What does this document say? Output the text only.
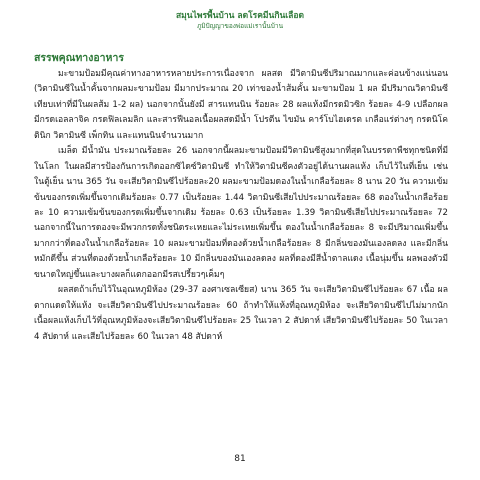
สมุนไพรพื้นบ้าน ลดโรคมีนกินเลือด
ภูมิปัญญาของพ่อแม่เรานั้นบ้าน
สรรพคุณทางอาหาร

มะขามป้อมมีคุณค่าทางอาหารหลายประการเนื่องจาก ผลสด มีวิตามินซีปริมาณมากและค่อนข้างแน่นอน (วิตามินซีในน้ำคั้นจากผลมะขามป้อม มีมากประมาณ 20 เท่าของน้ำส้มคั้น มะขามป้อม 1 ผล มีปริมาณวิตามินซีเทียบเท่าที่มีในผลส้ม 1-2 ผล) นอกจากนั้นยังมี สารแทนนิน ร้อยละ 28 ผลแห้งมีกรดมิวซิก ร้อยละ 4-9 เปลือกผลมีกรดเอลลาจิค กรดฟิลเลมลิก และสารฟีนอลเนื้อผลสดมีน้ำ โปรตีน ไขมัน คาร์โบไฮเดรต เกลือแร่ต่างๆ กรดนิโคตินิก วิตามินซี เพ็กทิน และแทนนินจำนวนมาก

เมล็ด มีน้ำมัน ประมาณร้อยละ 26 นอกจากนี้ผลมะขามป้อมมีวิตามินซีสูงมากที่สุดในบรรดาพืชทุกชนิดที่มีในโลก ในผลมีสารป้องกันการเกิดออกซิไดซ์วิตามินซี ทำให้วิตามินซีคงตัวอยู่ได้นานผลแห้ง เก็บไว้ในที่เย็น เช่น ในตู้เย็น นาน 365 วัน จะเสียวิตามินซีไปร้อยละ20 ผลมะขามป้อมดองในน้ำเกลือร้อยละ 8 นาน 20 วัน ความเข้มข้นของกรดเพิ่มขึ้นจากเดิมร้อยละ 0.77 เป็นร้อยละ 1.44 วิตามินซีเสียไปประมาณร้อยละ 68 ดองในน้ำเกลือร้อยละ 10 ความเข้มข้นของกรดเพิ่มขึ้นจากเดิม ร้อยละ 0.63 เป็นร้อยละ 1.39 วิตามินซีเสียไปประมาณร้อยละ 72 นอกจากนี้ในการดองจะมีพวกกรดทั้งชนิดระเหยและไม่ระเหยเพิ่มขึ้น ดองในน้ำเกลือร้อยละ 8 จะมีปริมาณเพิ่มขึ้นมากกว่าที่ดองในน้ำเกลือร้อยละ 10 ผลมะขามป้อมที่ดองด้วยน้ำเกลือร้อยละ 8 มีกลิ่นของมันเองลดลง และมีกลิ่นหมักดีขึ้น ส่วนที่ดองด้วยน้ำเกลือร้อยละ 10 มีกลิ่นของมันเองลดลง ผลที่ดองมีสีน้ำตาลแดง เนื้อนุ่มขึ้น ผลพองตัวมีขนาดใหญ่ขึ้นและบางผลก็แตกออกมีรสเปรี้ยวๆเค็มๆ

ผลสดถ้าเก็บไว้ในอุณหภูมิห้อง (29-37 องศาเซลเซียส) นาน 365 วัน จะเสียวิตามินซีไปร้อยละ 67 เนื้อ ผลตากแดดให้แห้ง จะเสียวิตามินซีไปประมาณร้อยละ 60 ถ้าทำให้แห้งที่อุณหภูมิห้อง จะเสียวิตามินซีไปไม่มากนัก เนื้อผลแห้งเก็บไว้ที่อุณหภูมิห้องจะเสียวิตามินซีไปร้อยละ 25 ในเวลา 2 สัปดาห์ เสียวิตามินซีไปร้อยละ 50 ในเวลา 4 สัปดาห์ และเสียไปร้อยละ 60 ในเวลา 48 สัปดาห์

81
